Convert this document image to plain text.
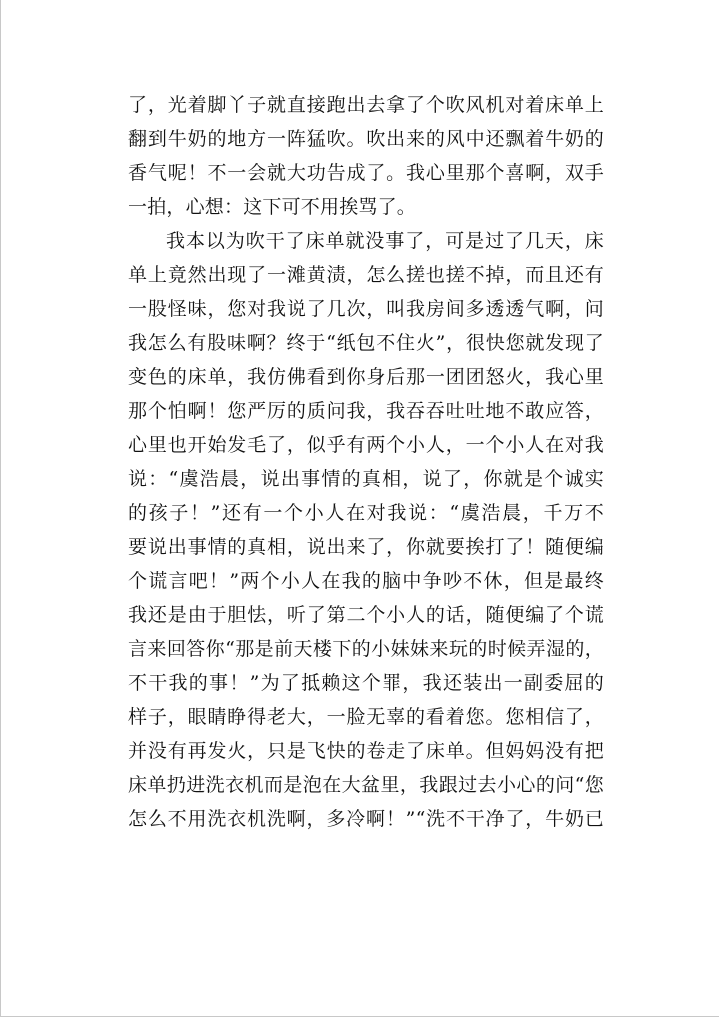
了，光着脚丫子就直接跑出去拿了个吹风机对着床单上
翻到牛奶的地方一阵猛吹。吹出来的风中还飘着牛奶的
香气呢！不一会就大功告成了。我心里那个喜啊，双手
一拍，心想：这下可不用挨骂了。
我本以为吹干了床单就没事了，可是过了几天，床
单上竟然出现了一滩黄渍，怎么搓也搓不掉，而且还有
一股怪味，您对我说了几次，叫我房间多透透气啊，问
我怎么有股味啊？终于“纸包不住火”，很快您就发现了
变色的床单，我仿佛看到你身后那一团团怒火，我心里
那个怕啊！您严厉的质问我，我吞吞吐吐地不敢应答，
心里也开始发毛了，似乎有两个小人，一个小人在对我
说：“虞浩晨，说出事情的真相，说了，你就是个诚实
的孩子！”还有一个小人在对我说：“虞浩晨，千万不
要说出事情的真相，说出来了，你就要挨打了！随便编
个谎言吧！”两个小人在我的脑中争吵不休，但是最终
我还是由于胆怯，听了第二个小人的话，随便编了个谎
言来回答你“那是前天楼下的小妹妹来玩的时候弄湿的，
不干我的事！”为了抵赖这个罪，我还装出一副委屈的
样子，眼睛睁得老大，一脸无辜的看着您。您相信了，
并没有再发火，只是飞快的卷走了床单。但妈妈没有把
床单扔进洗衣机而是泡在大盆里，我跟过去小心的问“您
怎么不用洗衣机洗啊，多冷啊！”“洗不干净了，牛奶已
